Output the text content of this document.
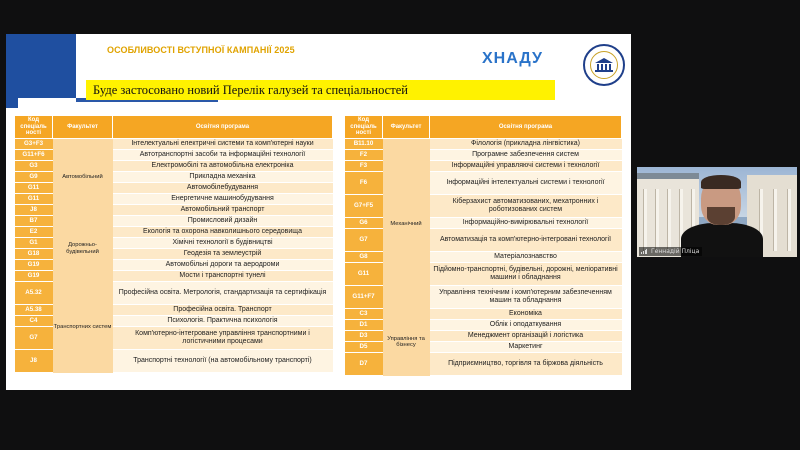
ОСОБЛИВОСТІ ВСТУПНОЇ КАМПАНІЇ 2025	ХНАДУ
Буде застосовано новий Перелік галузей та спеціальностей
Код спеціаль ності	Факультет	Освітня програма
G3+F3	Автомобільний	Інтелектуальні електричні системи та комп'ютерні науки
G11+F6		Автотранспортні засоби та інформаційні технології
G3		Електромобілі та автомобільна електроніка
G9		Прикладна механіка
G11		Автомобілебудування
G11		Енергетичне машинобудування
J8		Автомобільний транспорт
B7	Дорожньо-будівельний	Промисловий дизайн
E2		Екологія та охорона навколишнього середовища
G1		Хімічні технології в будівництві
G18		Геодезія та землеустрій
G19		Автомобільні дороги та аеродроми
G19		Мости і транспортні тунелі
A5.32	Транспортних систем	Професійна освіта. Метрологія, стандартизація та сертифікація
A5.38		Професійна освіта. Транспорт
C4		Психологія. Практична психологія
G7		Комп'ютерно-інтегроване управління транспортними і логістичними процесами
J8		Транспортні технології (на автомобільному транспорті)
Код спеціаль ності	Факультет	Освітня програма
B11.10	Механічний	Філологія (прикладна лінгвістика)
F2		Програмне забезпечення систем
F3		Інформаційні управляючі системи і технології
F6		Інформаційні інтелектуальні системи і технології
G7+F5		Кіберзахист автоматизованих, мехатронних і роботизованих систем
G6		Інформаційно-вимірювальні технології
G7		Автоматизація та комп'ютерно-інтегровані технології
G8		Матеріалознавство
G11		Підйомно-транспортні, будівельні, дорожні, меліоративні машини і обладнання
G11+F7		Управління технічним і комп'ютерним забезпеченням машин та обладнання
C3	Управління та бізнесу	Економіка
D1		Облік і оподаткування
D3		Менеджмент організацій і логістика
D5		Маркетинг
D7		Підприємництво, торгівля та біржова діяльність
Геннадій Пліца
